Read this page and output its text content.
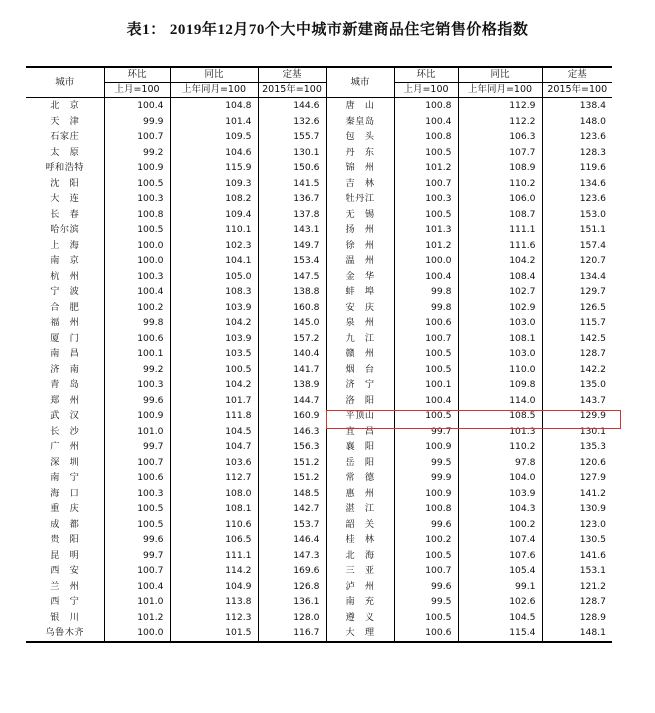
表1： 2019年12月70个大中城市新建商品住宅销售价格指数
城市	环比	同比	定基	城市	环比	同比	定基
	上月=100	上年同月=100	2015年=100		上月=100	上年同月=100	2015年=100
北　京	100.4	104.8	144.6	唐　山	100.8	112.9	138.4
天　津	99.9	101.4	132.6	秦皇岛	100.4	112.2	148.0
石家庄	100.7	109.5	155.7	包　头	100.8	106.3	123.6
太　原	99.2	104.6	130.1	丹　东	100.5	107.7	128.3
呼和浩特	100.9	115.9	150.6	锦　州	101.2	108.9	119.6
沈　阳	100.5	109.3	141.5	吉　林	100.7	110.2	134.6
大　连	100.3	108.2	136.7	牡丹江	100.3	106.0	123.6
长　春	100.8	109.4	137.8	无　锡	100.5	108.7	153.0
哈尔滨	100.5	110.1	143.1	扬　州	101.3	111.1	151.1
上　海	100.0	102.3	149.7	徐　州	101.2	111.6	157.4
南　京	100.0	104.1	153.4	温　州	100.0	104.2	120.7
杭　州	100.3	105.0	147.5	金　华	100.4	108.4	134.4
宁　波	100.4	108.3	138.8	蚌　埠	99.8	102.7	129.7
合　肥	100.2	103.9	160.8	安　庆	99.8	102.9	126.5
福　州	99.8	104.2	145.0	泉　州	100.6	103.0	115.7
厦　门	100.6	103.9	157.2	九　江	100.7	108.1	142.5
南　昌	100.1	103.5	140.4	赣　州	100.5	103.0	128.7
济　南	99.2	100.5	141.7	烟　台	100.5	110.0	142.2
青　岛	100.3	104.2	138.9	济　宁	100.1	109.8	135.0
郑　州	99.6	101.7	144.7	洛　阳	100.4	114.0	143.7
武　汉	100.9	111.8	160.9	平顶山	100.5	108.5	129.9
长　沙	101.0	104.5	146.3	宜　昌	99.7	101.3	130.1
广　州	99.7	104.7	156.3	襄　阳	100.9	110.2	135.3
深　圳	100.7	103.6	151.2	岳　阳	99.5	97.8	120.6
南　宁	100.6	112.7	151.2	常　德	99.9	104.0	127.9
海　口	100.3	108.0	148.5	惠　州	100.9	103.9	141.2
重　庆	100.5	108.1	142.7	湛　江	100.8	104.3	130.9
成　都	100.5	110.6	153.7	韶　关	99.6	100.2	123.0
贵　阳	99.6	106.5	146.4	桂　林	100.2	107.4	130.5
昆　明	99.7	111.1	147.3	北　海	100.5	107.6	141.6
西　安	100.7	114.2	169.6	三　亚	100.7	105.4	153.1
兰　州	100.4	104.9	126.8	泸　州	99.6	99.1	121.2
西　宁	101.0	113.8	136.1	南　充	99.5	102.6	128.7
银　川	101.2	112.3	128.0	遵　义	100.5	104.5	128.9
乌鲁木齐	100.0	101.5	116.7	大　理	100.6	115.4	148.1
